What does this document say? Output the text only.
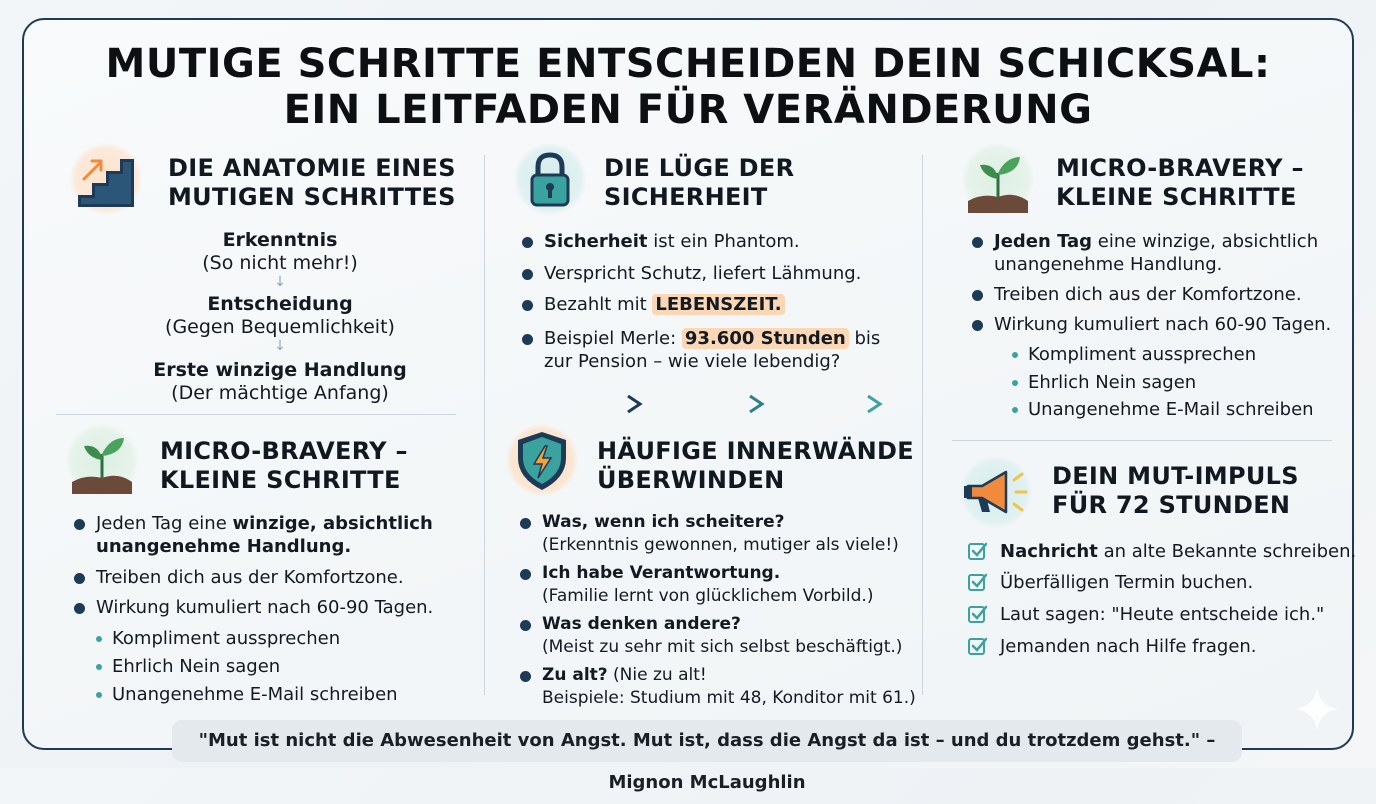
MUTIGE SCHRITTE ENTSCHEIDEN DEIN SCHICKSAL:
EIN LEITFADEN FÜR VERÄNDERUNG
DIE ANATOMIE EINES
MUTIGEN SCHRITTES
Erkenntnis
(So nicht mehr!)
↓
Entscheidung
(Gegen Bequemlichkeit)
↓
Erste winzige Handlung
(Der mächtige Anfang)
MICRO-BRAVERY –
KLEINE SCHRITTE
Jeden Tag eine winzige, absichtlich
unangenehme Handlung.
Treiben dich aus der Komfortzone.
Wirkung kumuliert nach 60-90 Tagen.
Kompliment aussprechen
Ehrlich Nein sagen
Unangenehme E-Mail schreiben
DIE LÜGE DER
SICHERHEIT
Sicherheit ist ein Phantom.
Verspricht Schutz, liefert Lähmung.
Bezahlt mit LEBENSZEIT.
Beispiel Merle: 93.600 Stunden bis
zur Pension – wie viele lebendig?
HÄUFIGE INNERWÄNDE
ÜBERWINDEN
Was, wenn ich scheitere?
(Erkenntnis gewonnen, mutiger als viele!)
Ich habe Verantwortung.
(Familie lernt von glücklichem Vorbild.)
Was denken andere?
(Meist zu sehr mit sich selbst beschäftigt.)
Zu alt? (Nie zu alt!
Beispiele: Studium mit 48, Konditor mit 61.)
MICRO-BRAVERY –
KLEINE SCHRITTE
Jeden Tag eine winzige, absichtlich
unangenehme Handlung.
Treiben dich aus der Komfortzone.
Wirkung kumuliert nach 60-90 Tagen.
Kompliment aussprechen
Ehrlich Nein sagen
Unangenehme E-Mail schreiben
DEIN MUT-IMPULS
FÜR 72 STUNDEN
Nachricht an alte Bekannte schreiben.
Überfälligen Termin buchen.
Laut sagen: "Heute entscheide ich."
Jemanden nach Hilfe fragen.
"Mut ist nicht die Abwesenheit von Angst. Mut ist, dass die Angst da ist – und du trotzdem gehst." – Mignon McLaughlin
